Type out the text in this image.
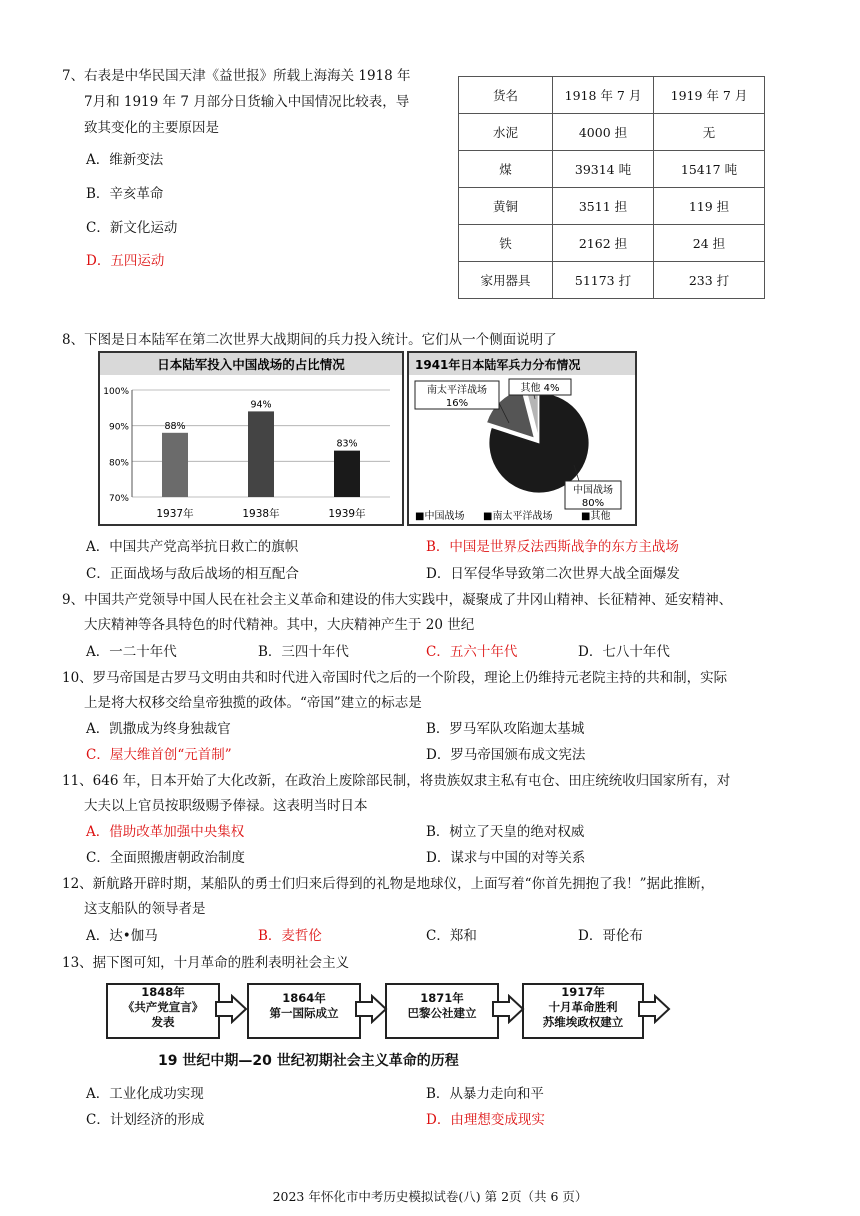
7、右表是中华民国天津《益世报》所载上海海关 1918 年
7月和 1919 年 7 月部分日货输入中国情况比较表，导
致其变化的主要原因是
A．维新变法
B．辛亥革命
C．新文化运动
D．五四运动
货名	1918 年 7 月	1919 年 7 月
水泥	4000 担	无
煤	39314 吨	15417 吨
黄铜	3511 担	119 担
铁	2162 担	24 担
家用器具	51173 打	233 打
8、下图是日本陆军在第二次世界大战期间的兵力投入统计。它们从一个侧面说明了
日本陆军投入中国战场的占比情况
100%
90%
80%
70%
88%
1937年
94%
1938年
83%
1939年
1941年日本陆军兵力分布情况
中国战场
80%
南太平洋战场
16%
其他 4%
■中国战场 ■南太平洋战场	■其他
A．中国共产党高举抗日救亡的旗帜	B．中国是世界反法西斯战争的东方主战场
C．正面战场与敌后战场的相互配合	D．日军侵华导致第二次世界大战全面爆发
9、中国共产党领导中国人民在社会主义革命和建设的伟大实践中，凝聚成了井冈山精神、长征精神、延安精神、
大庆精神等各具特色的时代精神。其中，大庆精神产生于 20 世纪
A．一二十年代	B．三四十年代	C．五六十年代	D．七八十年代
10、罗马帝国是古罗马文明由共和时代进入帝国时代之后的一个阶段，理论上仍维持元老院主持的共和制，实际
上是将大权移交给皇帝独揽的政体。“帝国”建立的标志是
A．凯撒成为终身独裁官	B．罗马军队攻陷迦太基城
C．屋大维首创“元首制”	D．罗马帝国颁布成文宪法
11、646 年，日本开始了大化改新，在政治上废除部民制，将贵族奴隶主私有屯仓、田庄统统收归国家所有，对
大夫以上官员按职级赐予俸禄。这表明当时日本
A．借助改革加强中央集权	B．树立了天皇的绝对权威
C．全面照搬唐朝政治制度	D．谋求与中国的对等关系
12、新航路开辟时期，某船队的勇士们归来后得到的礼物是地球仪，上面写着“你首先拥抱了我！”据此推断，
这支船队的领导者是
A．达•伽马	B．麦哲伦	C．郑和	D．哥伦布
13、据下图可知，十月革命的胜利表明社会主义
1848年
《共产党宣言》
发表
1864年
第一国际成立
1871年
巴黎公社建立
1917年
十月革命胜利
苏维埃政权建立
19 世纪中期—20 世纪初期社会主义革命的历程
A．工业化成功实现	B．从暴力走向和平
C．计划经济的形成	D．由理想变成现实
2023 年怀化市中考历史模拟试卷(八) 第 2页（共 6 页）
